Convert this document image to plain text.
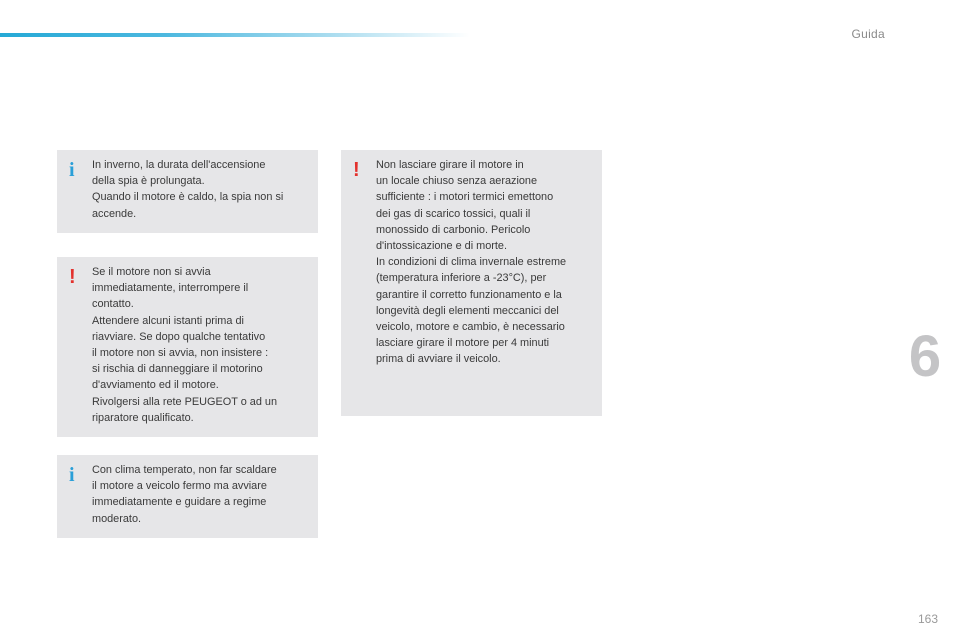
Guida
i In inverno, la durata dell'accensione
della spia è prolungata.
Quando il motore è caldo, la spia non si
accende.
! Se il motore non si avvia
immediatamente, interrompere il
contatto.
Attendere alcuni istanti prima di
riavviare. Se dopo qualche tentativo
il motore non si avvia, non insistere :
si rischia di danneggiare il motorino
d'avviamento ed il motore.
Rivolgersi alla rete PEUGEOT o ad un
riparatore qualificato.
i Con clima temperato, non far scaldare
il motore a veicolo fermo ma avviare
immediatamente e guidare a regime
moderato.
! Non lasciare girare il motore in
un locale chiuso senza aerazione
sufficiente : i motori termici emettono
dei gas di scarico tossici, quali il
monossido di carbonio. Pericolo
d'intossicazione e di morte.
In condizioni di clima invernale estreme
(temperatura inferiore a -23°C), per
garantire il corretto funzionamento e la
longevità degli elementi meccanici del
veicolo, motore e cambio, è necessario
lasciare girare il motore per 4 minuti
prima di avviare il veicolo.	6
163
